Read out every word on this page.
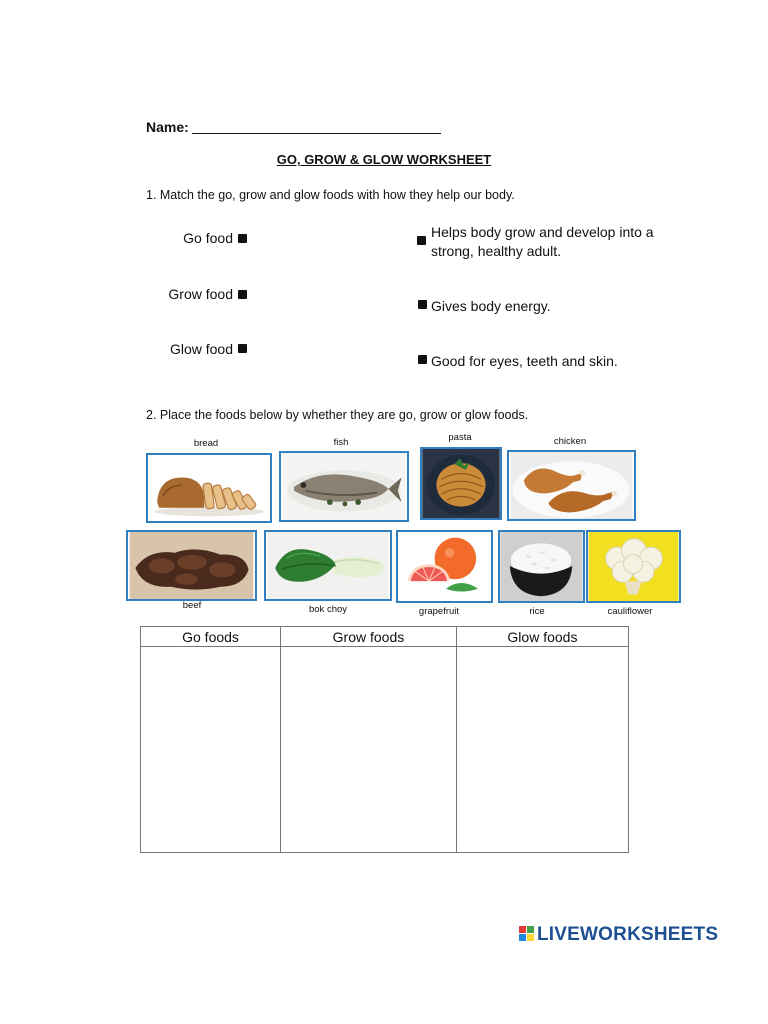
Name:
GO, GROW & GLOW WORKSHEET
1. Match the go, grow and glow foods with how they help our body.
Go food
Grow food
Glow food
Helps body grow and develop into a strong, healthy adult.
Gives body energy.
Good for eyes, teeth and skin.
2. Place the foods below by whether they are go, grow or glow foods.
bread	fish	pasta	chicken
beef	bok choy	grapefruit	rice	cauliflower
Go foods	Grow foods	Glow foods

LIVEWORKSHEETS
